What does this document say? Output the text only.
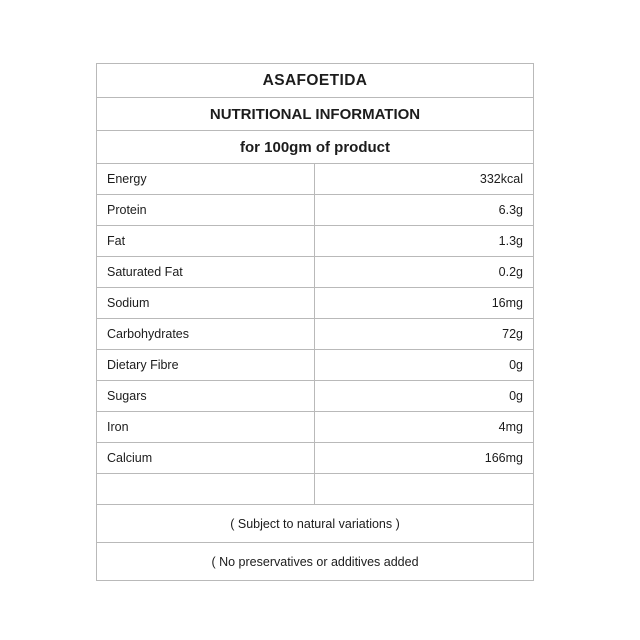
ASAFOETIDA
NUTRITIONAL INFORMATION
for 100gm of product
Energy	332kcal
Protein	6.3g
Fat	1.3g
Saturated Fat	0.2g
Sodium	16mg
Carbohydrates	72g
Dietary Fibre	0g
Sugars	0g
Iron	4mg
Calcium	166mg
( Subject to natural variations )
( No preservatives or additives added
